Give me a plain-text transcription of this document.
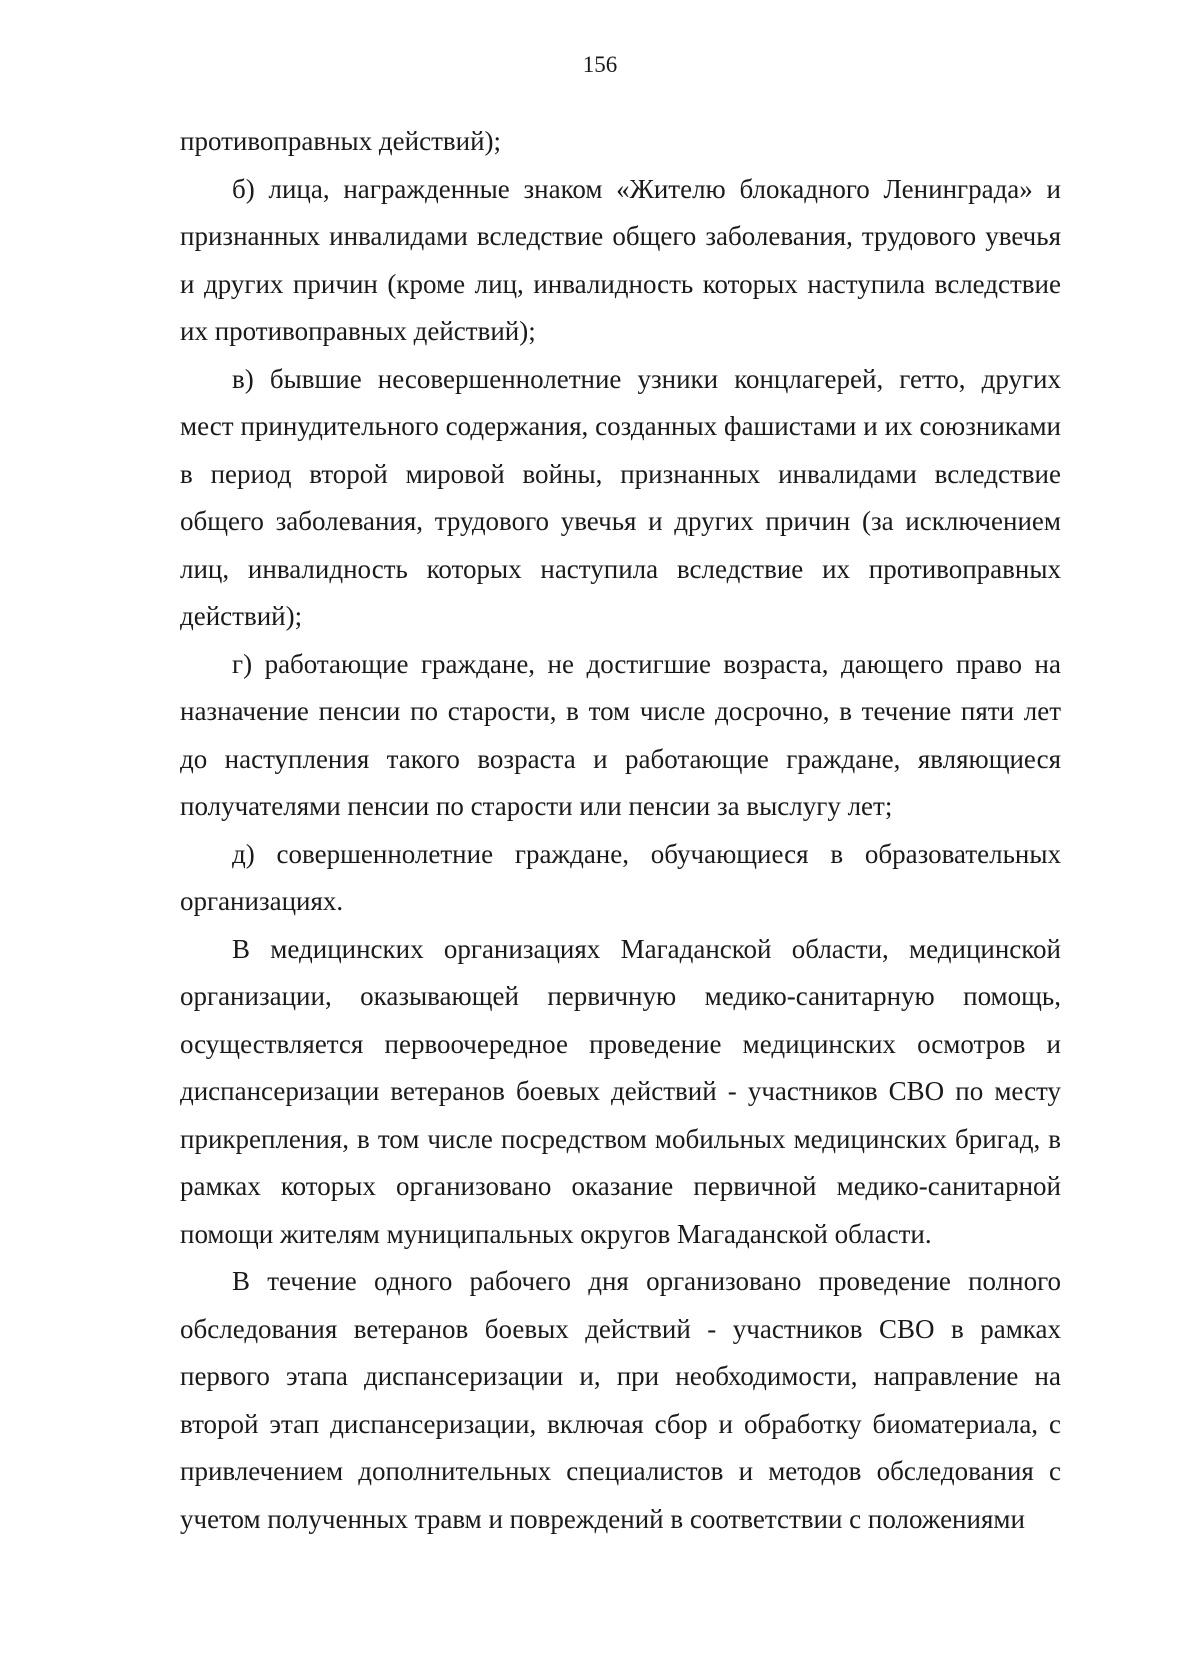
156

противоправных действий);

б) лица, награжденные знаком «Жителю блокадного Ленинграда» и признанных инвалидами вследствие общего заболевания, трудового увечья и других причин (кроме лиц, инвалидность которых наступила вследствие их противоправных действий);

в) бывшие несовершеннолетние узники концлагерей, гетто, других мест принудительного содержания, созданных фашистами и их союзниками в период второй мировой войны, признанных инвалидами вследствие общего заболевания, трудового увечья и других причин (за исключением лиц, инвалидность которых наступила вследствие их противоправных действий);

г) работающие граждане, не достигшие возраста, дающего право на назначение пенсии по старости, в том числе досрочно, в течение пяти лет до наступления такого возраста и работающие граждане, являющиеся получателями пенсии по старости или пенсии за выслугу лет;

д) совершеннолетние граждане, обучающиеся в образовательных организациях.

В медицинских организациях Магаданской области, медицинской организации, оказывающей первичную медико-санитарную помощь, осуществляется первоочередное проведение медицинских осмотров и диспансеризации ветеранов боевых действий - участников СВО по месту прикрепления, в том числе посредством мобильных медицинских бригад, в рамках которых организовано оказание первичной медико-санитарной помощи жителям муниципальных округов Магаданской области.

В течение одного рабочего дня организовано проведение полного обследования ветеранов боевых действий - участников СВО в рамках первого этапа диспансеризации и, при необходимости, направление на второй этап диспансеризации, включая сбор и обработку биоматериала, с привлечением дополнительных специалистов и методов обследования с учетом полученных травм и повреждений в соответствии с положениями
